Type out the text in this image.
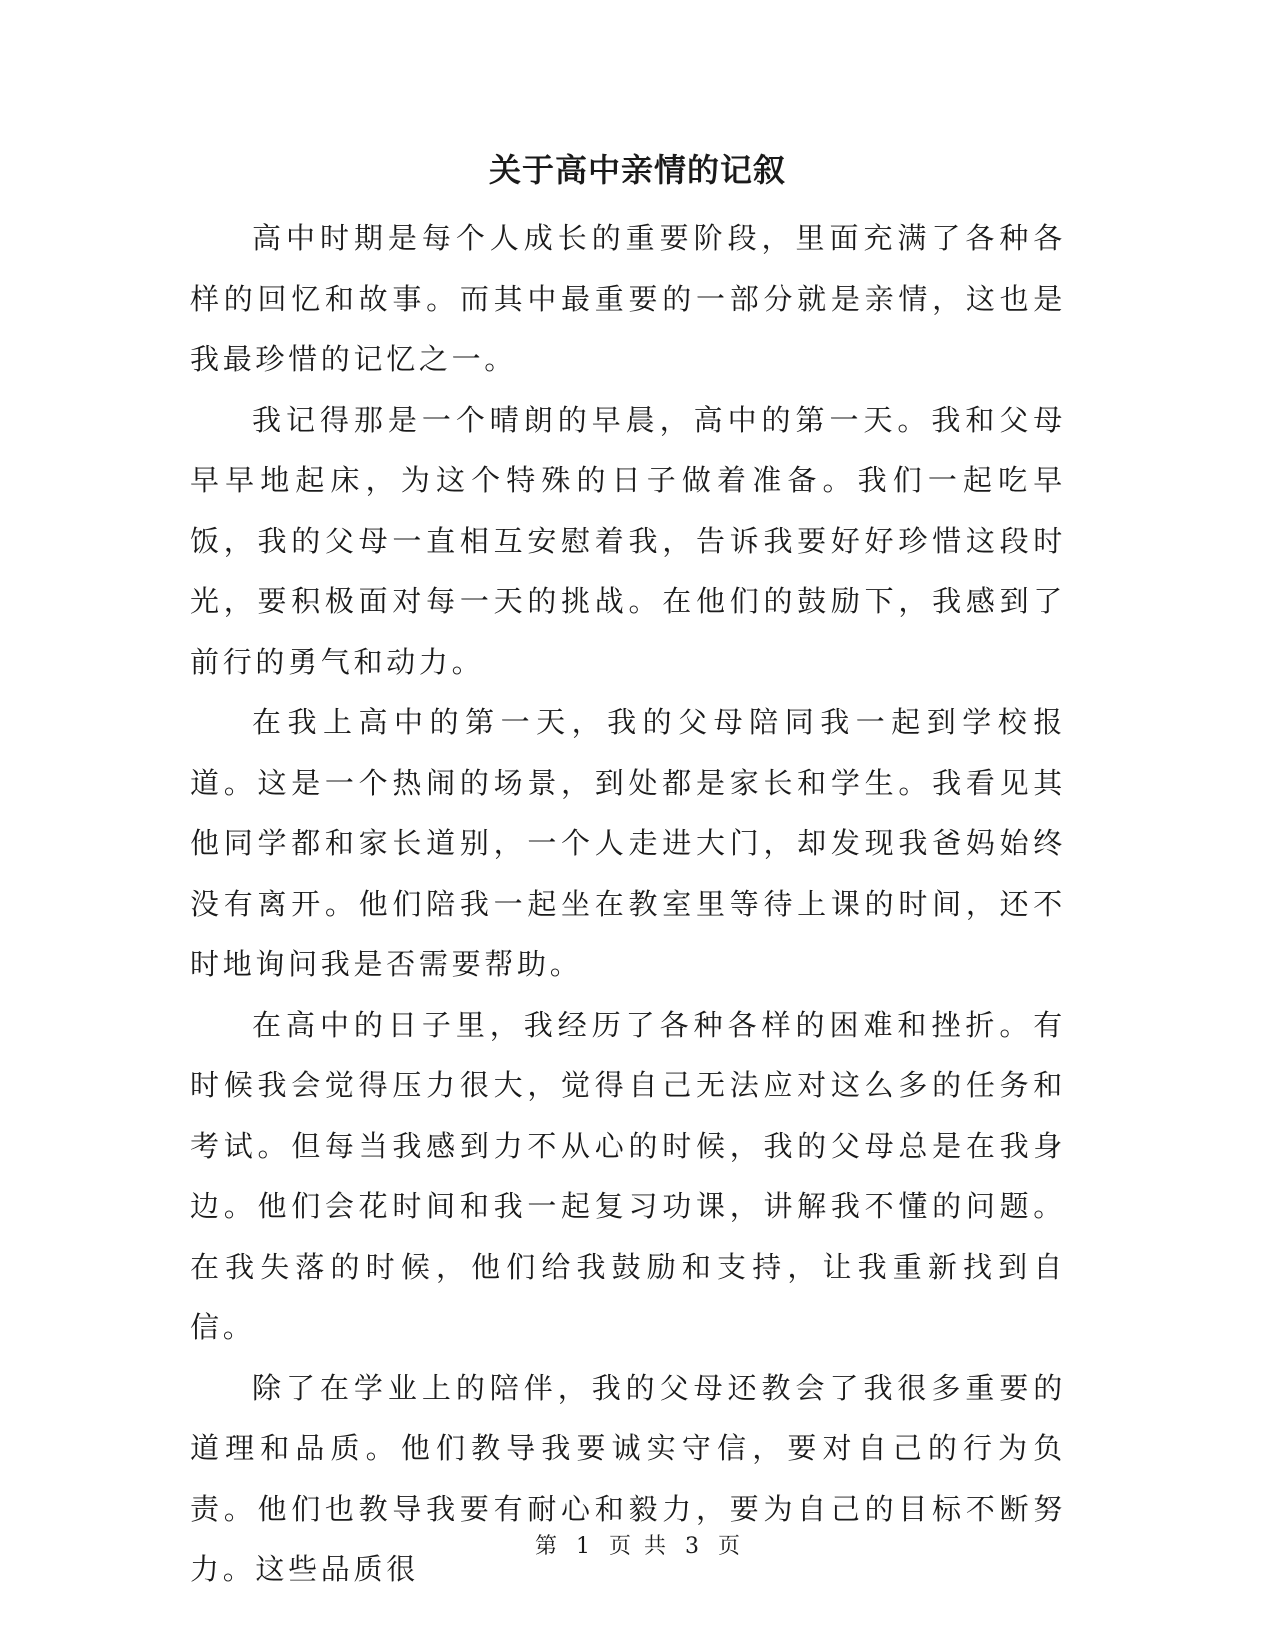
关于高中亲情的记叙

高中时期是每个人成长的重要阶段，里面充满了各种各样的回忆和故事。而其中最重要的一部分就是亲情，这也是我最珍惜的记忆之一。

我记得那是一个晴朗的早晨，高中的第一天。我和父母早早地起床，为这个特殊的日子做着准备。我们一起吃早饭，我的父母一直相互安慰着我，告诉我要好好珍惜这段时光，要积极面对每一天的挑战。在他们的鼓励下，我感到了前行的勇气和动力。

在我上高中的第一天，我的父母陪同我一起到学校报道。这是一个热闹的场景，到处都是家长和学生。我看见其他同学都和家长道别，一个人走进大门，却发现我爸妈始终没有离开。他们陪我一起坐在教室里等待上课的时间，还不时地询问我是否需要帮助。

在高中的日子里，我经历了各种各样的困难和挫折。有时候我会觉得压力很大，觉得自己无法应对这么多的任务和考试。但每当我感到力不从心的时候，我的父母总是在我身边。他们会花时间和我一起复习功课，讲解我不懂的问题。在我失落的时候，他们给我鼓励和支持，让我重新找到自信。

除了在学业上的陪伴，我的父母还教会了我很多重要的道理和品质。他们教导我要诚实守信，要对自己的行为负责。他们也教导我要有耐心和毅力，要为自己的目标不断努力。这些品质很

第 1 页 共 3 页
